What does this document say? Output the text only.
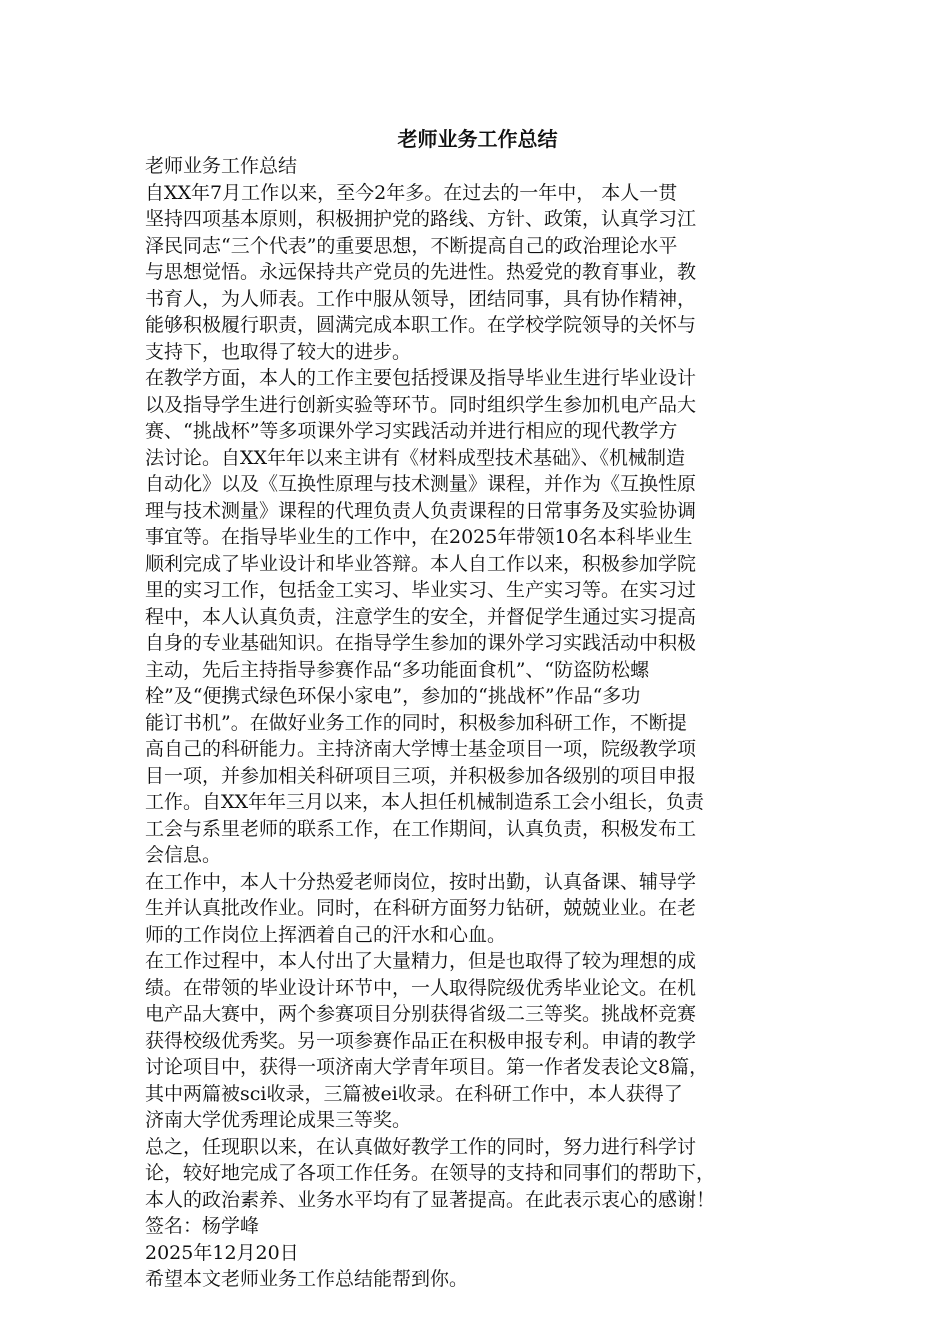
老师业务工作总结
老师业务工作总结
自XX年7月工作以来，至今2年多。在过去的一年中， 本人一贯
坚持四项基本原则，积极拥护党的路线、方针、政策，认真学习江
泽民同志“三个代表”的重要思想，不断提高自己的政治理论水平
与思想觉悟。永远保持共产党员的先进性。热爱党的教育事业，教
书育人，为人师表。工作中服从领导，团结同事，具有协作精神，
能够积极履行职责，圆满完成本职工作。在学校学院领导的关怀与
支持下，也取得了较大的进步。
在教学方面，本人的工作主要包括授课及指导毕业生进行毕业设计
以及指导学生进行创新实验等环节。同时组织学生参加机电产品大
赛、“挑战杯”等多项课外学习实践活动并进行相应的现代教学方
法讨论。自XX年年以来主讲有《材料成型技术基础》、《机械制造
自动化》以及《互换性原理与技术测量》课程，并作为《互换性原
理与技术测量》课程的代理负责人负责课程的日常事务及实验协调
事宜等。在指导毕业生的工作中，在2025年带领10名本科毕业生
顺利完成了毕业设计和毕业答辩。本人自工作以来，积极参加学院
里的实习工作，包括金工实习、毕业实习、生产实习等。在实习过
程中，本人认真负责，注意学生的安全，并督促学生通过实习提高
自身的专业基础知识。在指导学生参加的课外学习实践活动中积极
主动，先后主持指导参赛作品“多功能面食机”、“防盗防松螺
栓”及“便携式绿色环保小家电”，参加的“挑战杯”作品“多功
能订书机”。在做好业务工作的同时，积极参加科研工作，不断提
高自己的科研能力。主持济南大学博士基金项目一项，院级教学项
目一项，并参加相关科研项目三项，并积极参加各级别的项目申报
工作。自XX年年三月以来，本人担任机械制造系工会小组长，负责
工会与系里老师的联系工作，在工作期间，认真负责，积极发布工
会信息。
在工作中，本人十分热爱老师岗位，按时出勤，认真备课、辅导学
生并认真批改作业。同时，在科研方面努力钻研，兢兢业业。在老
师的工作岗位上挥洒着自己的汗水和心血。
在工作过程中，本人付出了大量精力，但是也取得了较为理想的成
绩。在带领的毕业设计环节中，一人取得院级优秀毕业论文。在机
电产品大赛中，两个参赛项目分别获得省级二三等奖。挑战杯竞赛
获得校级优秀奖。另一项参赛作品正在积极申报专利。申请的教学
讨论项目中，获得一项济南大学青年项目。第一作者发表论文8篇，
其中两篇被sci收录，三篇被ei收录。在科研工作中，本人获得了
济南大学优秀理论成果三等奖。
总之，任现职以来，在认真做好教学工作的同时，努力进行科学讨
论，较好地完成了各项工作任务。在领导的支持和同事们的帮助下，
本人的政治素养、业务水平均有了显著提高。在此表示衷心的感谢！
签名：杨学峰
2025年12月20日
希望本文老师业务工作总结能帮到你。
